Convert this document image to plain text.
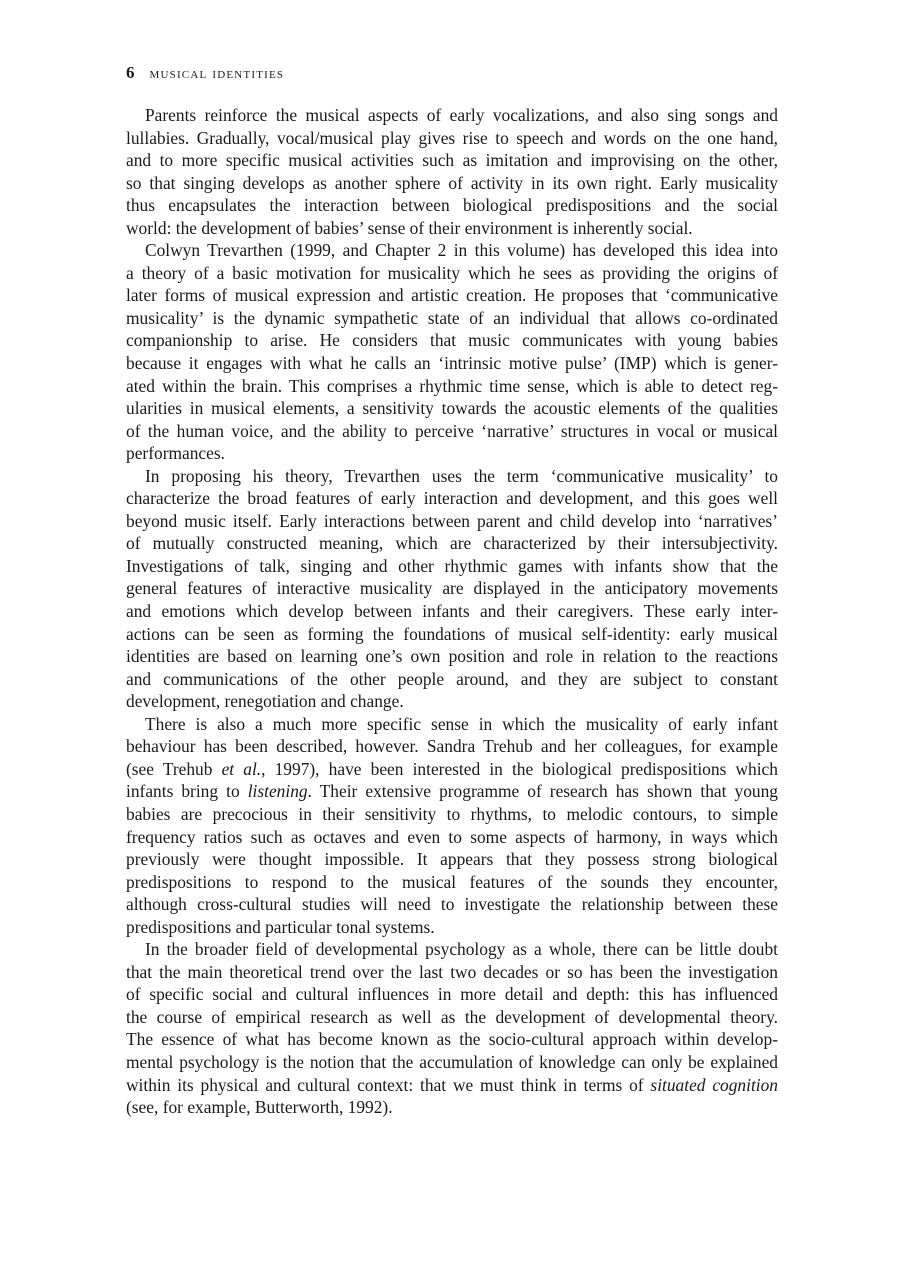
6 musical identities
Parents reinforce the musical aspects of early vocalizations, and also sing songs and
lullabies. Gradually, vocal/musical play gives rise to speech and words on the one hand,
and to more specific musical activities such as imitation and improvising on the other,
so that singing develops as another sphere of activity in its own right. Early musicality
thus encapsulates the interaction between biological predispositions and the social
world: the development of babies’ sense of their environment is inherently social.
Colwyn Trevarthen (1999, and Chapter 2 in this volume) has developed this idea into
a theory of a basic motivation for musicality which he sees as providing the origins of
later forms of musical expression and artistic creation. He proposes that ‘communicative
musicality’ is the dynamic sympathetic state of an individual that allows co-ordinated
companionship to arise. He considers that music communicates with young babies
because it engages with what he calls an ‘intrinsic motive pulse’ (IMP) which is gener-
ated within the brain. This comprises a rhythmic time sense, which is able to detect reg-
ularities in musical elements, a sensitivity towards the acoustic elements of the qualities
of the human voice, and the ability to perceive ‘narrative’ structures in vocal or musical
performances.
In proposing his theory, Trevarthen uses the term ‘communicative musicality’ to
characterize the broad features of early interaction and development, and this goes well
beyond music itself. Early interactions between parent and child develop into ‘narratives’
of mutually constructed meaning, which are characterized by their intersubjectivity.
Investigations of talk, singing and other rhythmic games with infants show that the
general features of interactive musicality are displayed in the anticipatory movements
and emotions which develop between infants and their caregivers. These early inter-
actions can be seen as forming the foundations of musical self-identity: early musical
identities are based on learning one’s own position and role in relation to the reactions
and communications of the other people around, and they are subject to constant
development, renegotiation and change.
There is also a much more specific sense in which the musicality of early infant
behaviour has been described, however. Sandra Trehub and her colleagues, for example
(see Trehub et al., 1997), have been interested in the biological predispositions which
infants bring to listening. Their extensive programme of research has shown that young
babies are precocious in their sensitivity to rhythms, to melodic contours, to simple
frequency ratios such as octaves and even to some aspects of harmony, in ways which
previously were thought impossible. It appears that they possess strong biological
predispositions to respond to the musical features of the sounds they encounter,
although cross-cultural studies will need to investigate the relationship between these
predispositions and particular tonal systems.
In the broader field of developmental psychology as a whole, there can be little doubt
that the main theoretical trend over the last two decades or so has been the investigation
of specific social and cultural influences in more detail and depth: this has influenced
the course of empirical research as well as the development of developmental theory.
The essence of what has become known as the socio-cultural approach within develop-
mental psychology is the notion that the accumulation of knowledge can only be explained
within its physical and cultural context: that we must think in terms of situated cognition
(see, for example, Butterworth, 1992).
